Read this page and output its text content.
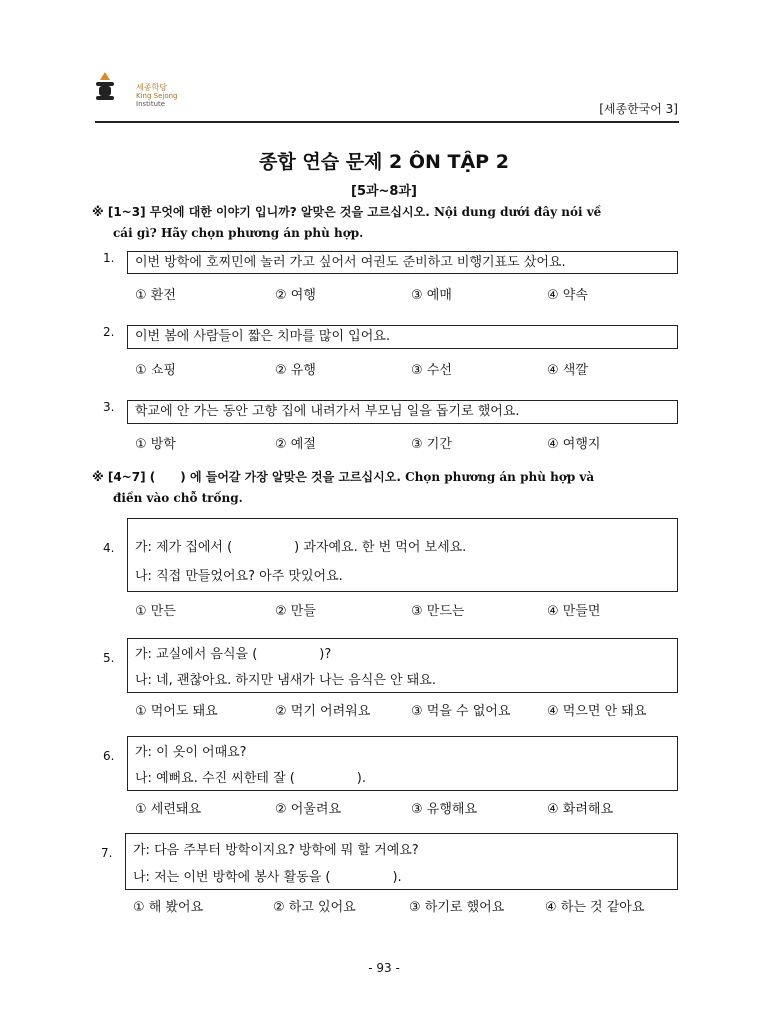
세종학당
King Sejong
Institute	[세종한국어 3]
종합 연습 문제 2 ÔN TẬP 2
[5과~8과]
※ [1~3] 무엇에 대한 이야기 입니까? 알맞은 것을 고르십시오. Nội dung dưới đây nói về
cái gì? Hãy chọn phương án phù hợp.
1. 이번 방학에 호찌민에 놀러 가고 싶어서 여권도 준비하고 비행기표도 샀어요.
① 환전	② 여행	③ 예매	④ 약속
2. 이번 봄에 사람들이 짧은 치마를 많이 입어요.
① 쇼핑	② 유행	③ 수선	④ 색깔
3. 학교에 안 가는 동안 고향 집에 내려가서 부모님 일을 돕기로 했어요.
① 방학	② 예절	③ 기간	④ 여행지
※ [4~7] (      ) 에 들어갈 가장 알맞은 것을 고르십시오. Chọn phương án phù hợp và
điền vào chỗ trống.
4. 가: 제가 집에서 (               ) 과자예요. 한 번 먹어 보세요.
나: 직접 만들었어요? 아주 맛있어요.
① 만든	② 만들	③ 만드는	④ 만들면
5. 가: 교실에서 음식을 (               )?
나: 네, 괜찮아요. 하지만 냄새가 나는 음식은 안 돼요.
① 먹어도 돼요	② 먹기 어려워요	③ 먹을 수 없어요	④ 먹으면 안 돼요
6. 가: 이 옷이 어때요?
나: 예뻐요. 수진 씨한테 잘 (               ).
① 세련돼요	② 어울려요	③ 유행해요	④ 화려해요
7. 가: 다음 주부터 방학이지요? 방학에 뭐 할 거예요?
나: 저는 이번 방학에 봉사 활동을 (               ).
① 해 봤어요	② 하고 있어요	③ 하기로 했어요	④ 하는 것 같아요
- 93 -
